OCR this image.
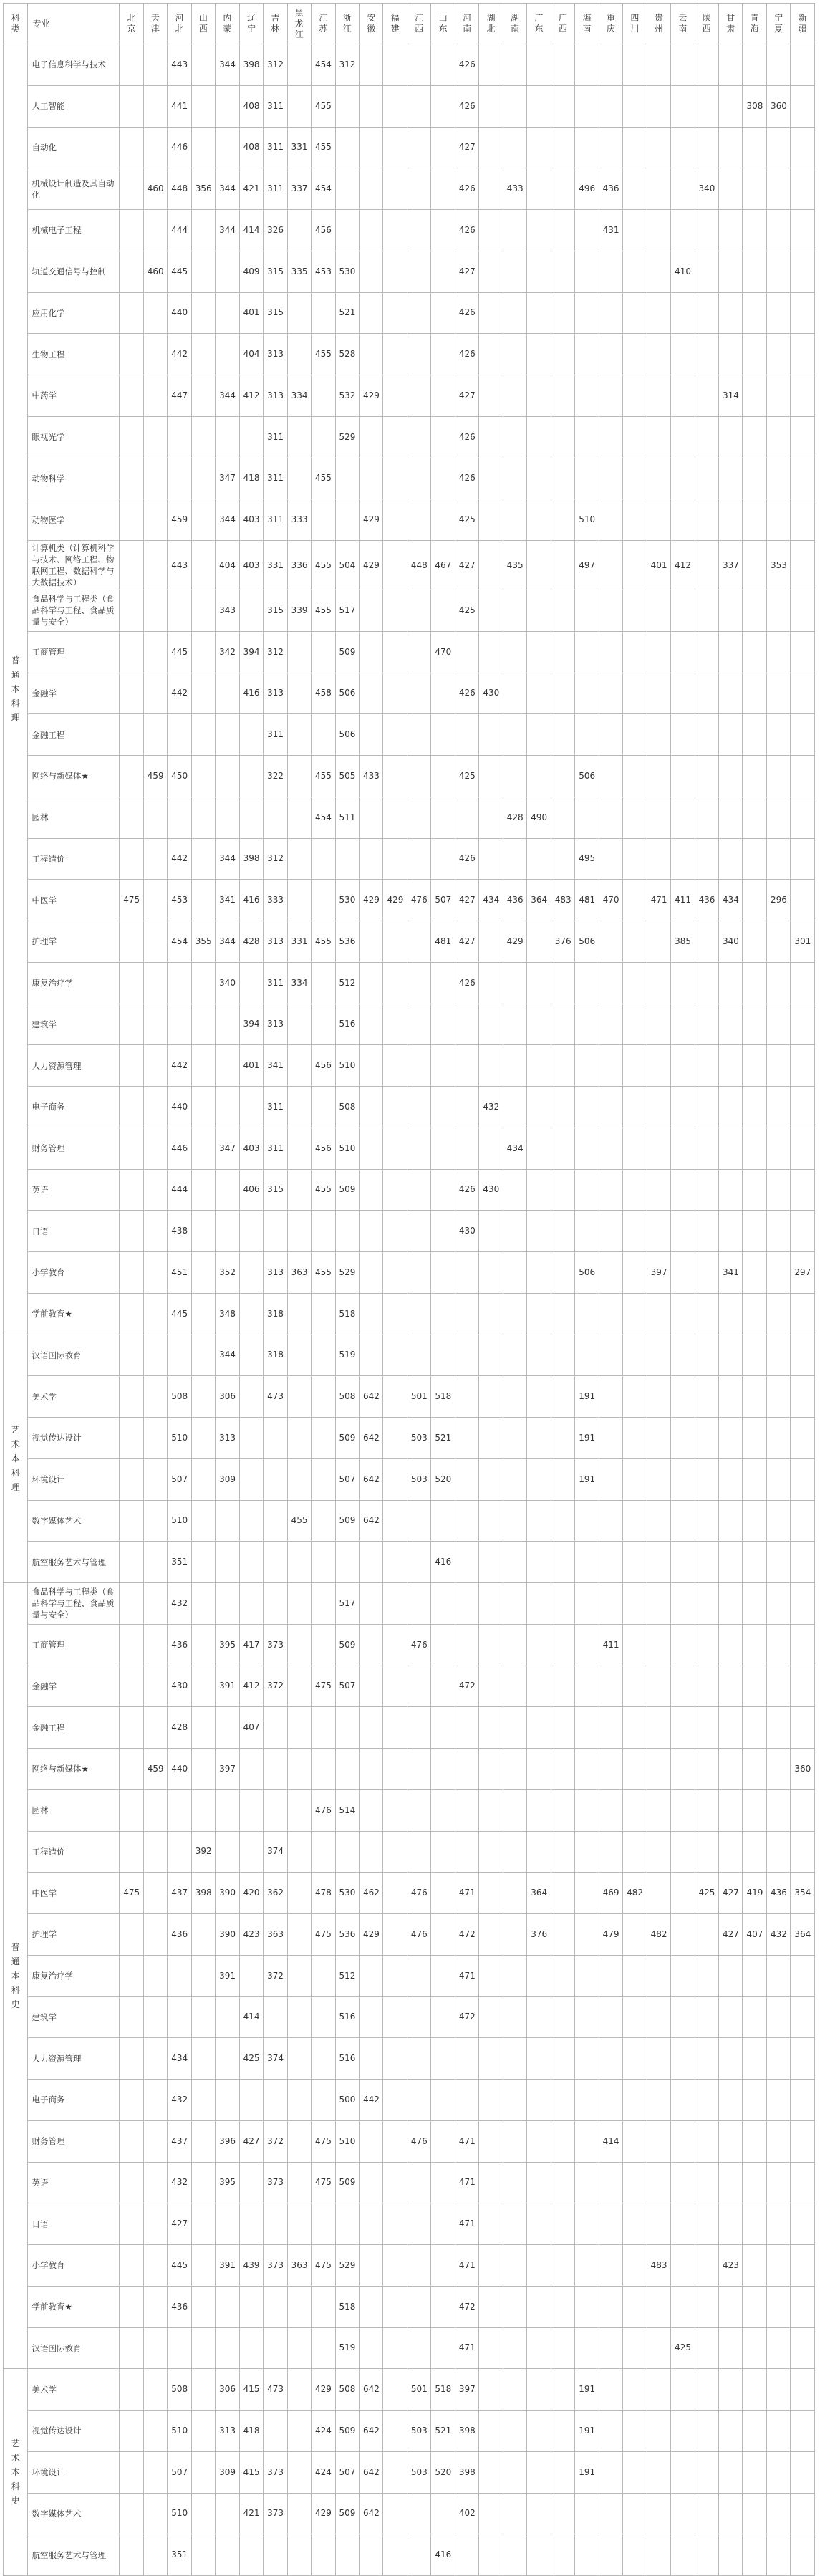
科类	专业	北京	天津	河北	山西	内蒙	辽宁	吉林	黑龙江	江苏	浙江	安徽	福建	江西	山东	河南	湖北	湖南	广东	广西	海南	重庆	四川	贵州	云南	陕西	甘肃	青海	宁夏	新疆
普通本科理	电子信息科学与技术			443		344	398	312		454	312					426														
	人工智能			441			408	311		455						426												308	360	
	自动化			446			408	311	331	455						427														
	机械设计制造及其自动化		460	448	356	344	421	311	337	454						426		433			496	436				340				
	机械电子工程			444		344	414	326		456						426						431								
	轨道交通信号与控制		460	445			409	315	335	453	530					427									410					
	应用化学			440			401	315			521					426														
	生物工程			442			404	313		455	528					426														
	中药学			447		344	412	313	334		532	429				427											314			
	眼视光学							311			529					426														
	动物科学					347	418	311		455						426														
	动物医学			459		344	403	311	333			429				425					510									
	计算机类（计算机科学与技术、网络工程、物联网工程、数据科学与大数据技术）			443		404	403	331	336	455	504	429		448	467	427		435			497			401	412		337		353	
	食品科学与工程类（食品科学与工程、食品质量与安全）					343		315	339	455	517					425														
	工商管理			445		342	394	312			509				470															
	金融学			442			416	313		458	506					426	430													
	金融工程							311			506																			
	网络与新媒体★		459	450				322		455	505	433				425					506									
	园林									454	511							428	490											
	工程造价			442		344	398	312								426					495									
	中医学	475		453		341	416	333			530	429	429	476	507	427	434	436	364	483	481	470		471	411	436	434		296	
	护理学			454	355	344	428	313	331	455	536				481	427		429		376	506				385		340			301
	康复治疗学					340		311	334		512					426														
	建筑学						394	313			516																			
	人力资源管理			442			401	341		456	510																			
	电子商务			440				311			508						432													
	财务管理			446		347	403	311		456	510							434												
	英语			444			406	315		455	509					426	430													
	日语			438												430														
	小学教育			451		352		313	363	455	529										506			397			341			297
	学前教育★			445		348		318			518																			
艺术本科理	汉语国际教育					344		318			519																			
	美术学			508		306		473			508	642		501	518						191									
	视觉传达设计			510		313					509	642		503	521						191									
	环境设计			507		309					507	642		503	520						191									
	数字媒体艺术			510					455		509	642																		
	航空服务艺术与管理			351											416															
普通本科史	食品科学与工程类（食品科学与工程、食品质量与安全）			432							517																			
	工商管理			436		395	417	373			509			476								411								
	金融学			430		391	412	372		475	507					472														
	金融工程			428			407																							
	网络与新媒体★		459	440		397																								360
	园林									476	514																			
	工程造价				392			374																						
	中医学	475		437	398	390	420	362		478	530	462		476		471			364			469	482			425	427	419	436	354
	护理学			436		390	423	363		475	536	429		476		472			376			479		482			427	407	432	364
	康复治疗学					391		372			512					471														
	建筑学						414				516					472														
	人力资源管理			434			425	374			516																			
	电子商务			432							500	442																		
	财务管理			437		396	427	372		475	510			476		471						414								
	英语			432		395		373		475	509					471														
	日语			427												471														
	小学教育			445		391	439	373	363	475	529					471								483			423			
	学前教育★			436							518					472														
	汉语国际教育										519					471									425					
艺术本科史	美术学			508		306	415	473		429	508	642		501	518	397					191									
	视觉传达设计			510		313	418			424	509	642		503	521	398					191									
	环境设计			507		309	415	373		424	507	642		503	520	398					191									
	数字媒体艺术			510			421	373		429	509	642				402														
	航空服务艺术与管理			351											416															
